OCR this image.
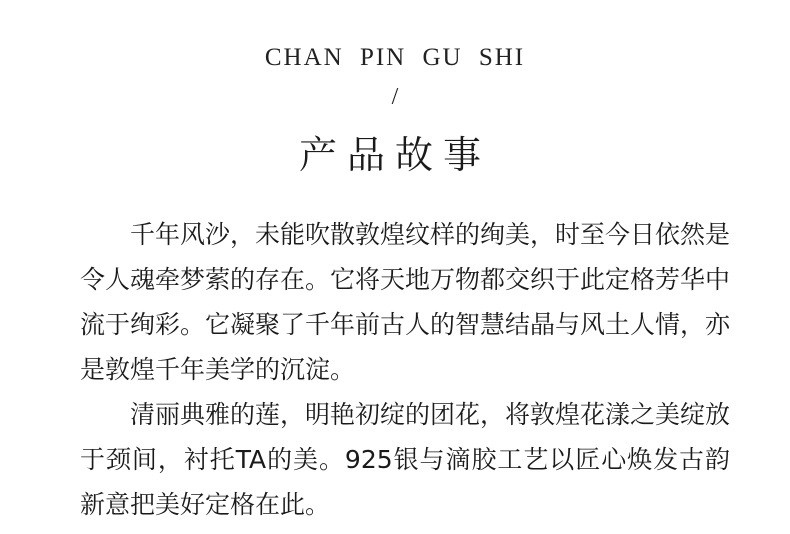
CHAN PIN GU SHI
/
产品故事

千年风沙，未能吹散敦煌纹样的绚美，时至今日依然是令人魂牵梦萦的存在。它将天地万物都交织于此定格芳华中流于绚彩。它凝聚了千年前古人的智慧结晶与风土人情，亦是敦煌千年美学的沉淀。

清丽典雅的莲，明艳初绽的团花，将敦煌花漾之美绽放于颈间，衬托TA的美。925银与滴胶工艺以匠心焕发古韵新意把美好定格在此。
